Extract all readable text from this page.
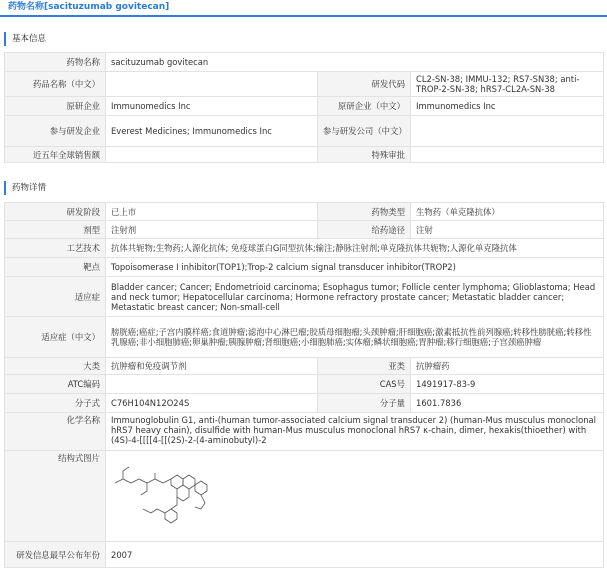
药物名称[sacituzumab govitecan]
基本信息
药物名称	sacituzumab govitecan		
药品名称（中文）		研发代码	CL2-SN-38; IMMU-132; RS7-SN38; anti-TROP-2-SN-38; hRS7-CL2A-SN-38
原研企业	Immunomedics Inc	原研企业（中文）	Immunomedics Inc
参与研发企业	Everest Medicines; Immunomedics Inc	参与研发公司（中文）	
近五年全球销售额		特殊审批	
药物详情
研发阶段	已上市	药物类型	生物药（单克隆抗体）
剂型	注射剂	给药途径	注射
工艺技术	抗体共轭物;生物药;人源化抗体; 免疫球蛋白G同型抗体;输注;静脉注射剂;单克隆抗体共轭物;人源化单克隆抗体		
靶点	Topoisomerase I inhibitor(TOP1);Trop-2 calcium signal transducer inhibitor(TROP2)		
适应症	Bladder cancer; Cancer; Endometrioid carcinoma; Esophagus tumor; Follicle center lymphoma; Glioblastoma; Head and neck tumor; Hepatocellular carcinoma; Hormone refractory prostate cancer; Metastatic bladder cancer; Metastatic breast cancer; Non-small-cell		
适应症（中文）	膀胱癌;癌症;子宫内膜样癌;食道肿瘤;滤泡中心淋巴瘤;胶质母细胞瘤;头颈肿瘤;肝细胞癌;激素抵抗性前列腺癌;转移性膀胱癌;转移性乳腺癌;非小细胞肺癌;卵巢肿瘤;胰腺肿瘤;肾细胞癌;小细胞肺癌;实体瘤;鳞状细胞癌;胃肿瘤;移行细胞癌;子宫颈癌肿瘤		
大类	抗肿瘤和免疫调节剂	亚类	抗肿瘤药
ATC编码		CAS号	1491917-83-9
分子式	C76H104N12O24S	分子量	1601.7836
化学名称	Immunoglobulin G1, anti-(human tumor-associated calcium signal transducer 2) (human-Mus musculus monoclonal hRS7 heavy chain), disulfide with human-Mus musculus monoclonal hRS7 κ-chain, dimer, hexakis(thioether) with (4S)-4-[[[[4-[[(2S)-2-(4-aminobutyl)-2		
结构式图片	

研发信息最早公布年份	2007		
